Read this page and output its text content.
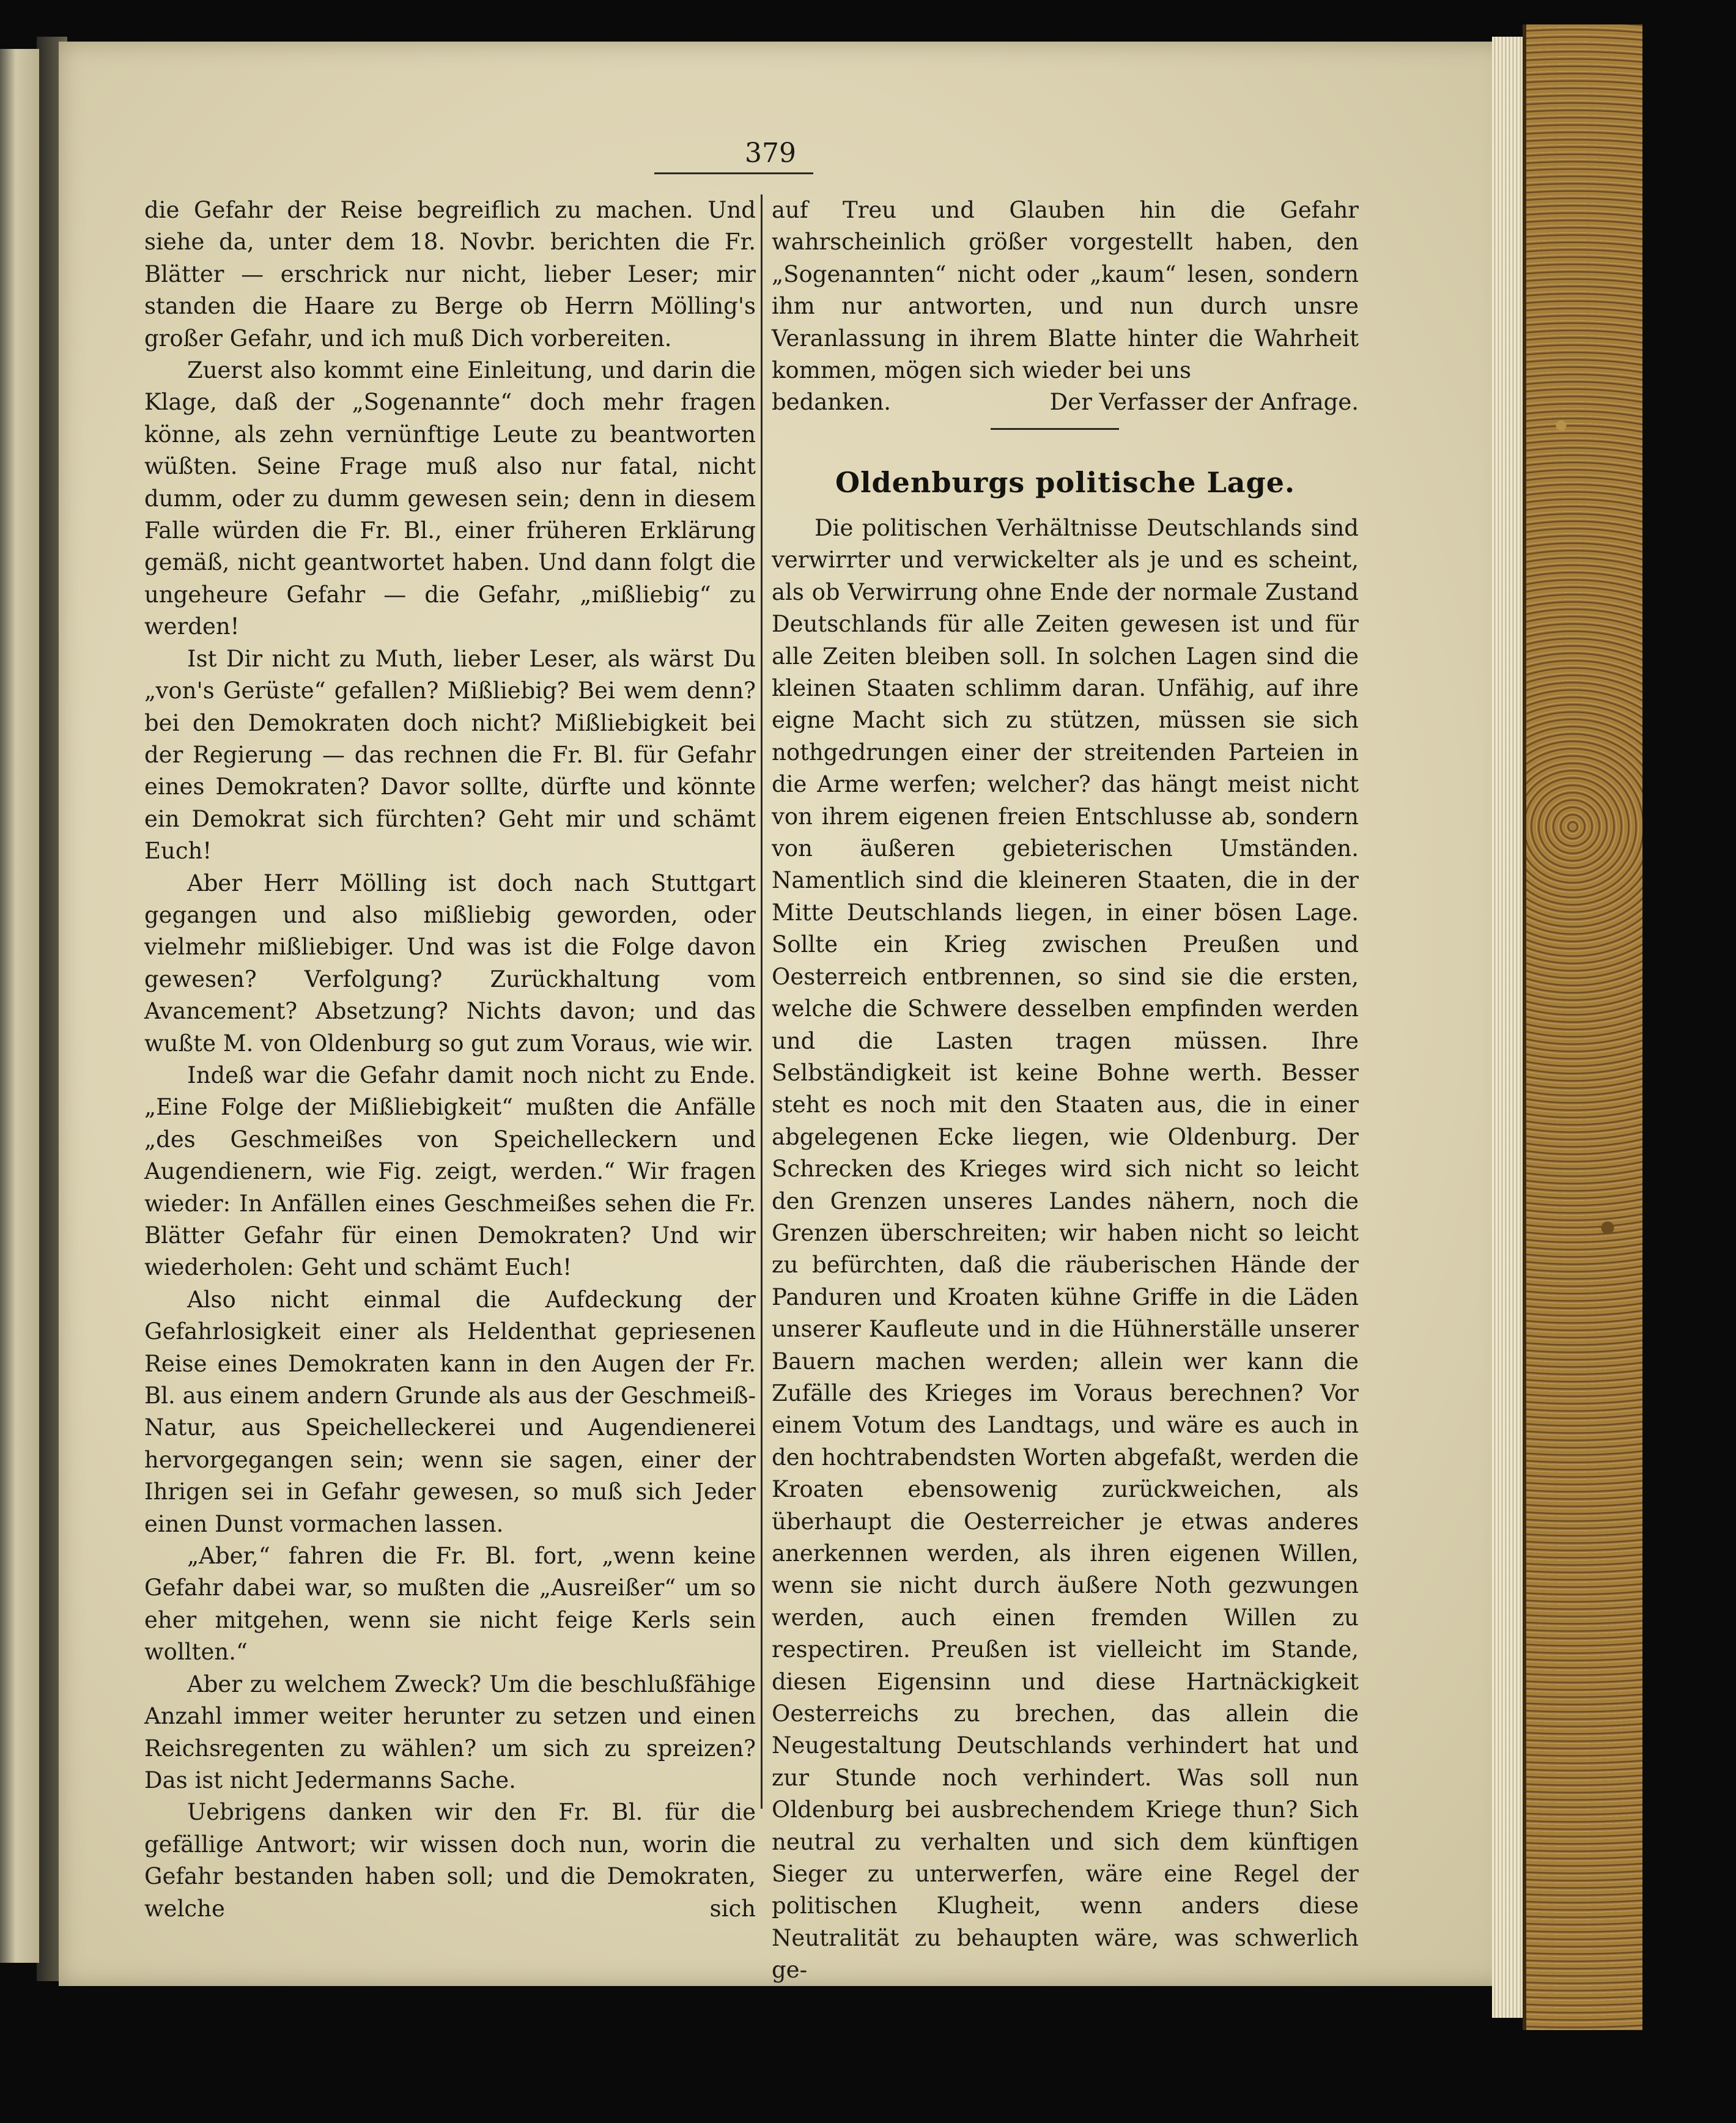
379

die Gefahr der Reise begreiflich zu machen. Und siehe da, unter dem 18. Novbr. berichten die Fr. Blätter — erschrick nur nicht, lieber Leser; mir standen die Haare zu Berge ob Herrn Mölling's großer Gefahr, und ich muß Dich vorbereiten.

Zuerst also kommt eine Einleitung, und darin die Klage, daß der „Sogenannte“ doch mehr fragen könne, als zehn vernünftige Leute zu beantworten wüßten. Seine Frage muß also nur fatal, nicht dumm, oder zu dumm gewesen sein; denn in diesem Falle würden die Fr. Bl., einer früheren Erklärung gemäß, nicht geantwortet haben. Und dann folgt die ungeheure Gefahr — die Gefahr, „mißliebig“ zu werden!

Ist Dir nicht zu Muth, lieber Leser, als wärst Du „von's Gerüste“ gefallen? Mißliebig? Bei wem denn? bei den Demokraten doch nicht? Mißliebigkeit bei der Regierung — das rechnen die Fr. Bl. für Gefahr eines Demokraten? Davor sollte, dürfte und könnte ein Demokrat sich fürchten? Geht mir und schämt Euch!

Aber Herr Mölling ist doch nach Stuttgart gegangen und also mißliebig geworden, oder vielmehr mißliebiger. Und was ist die Folge davon gewesen? Verfolgung? Zurückhaltung vom Avancement? Absetzung? Nichts davon; und das wußte M. von Oldenburg so gut zum Voraus, wie wir.

Indeß war die Gefahr damit noch nicht zu Ende. „Eine Folge der Mißliebigkeit“ mußten die Anfälle „des Geschmeißes von Speichelleckern und Augendienern, wie Fig. zeigt, werden.“ Wir fragen wieder: In Anfällen eines Geschmeißes sehen die Fr. Blätter Gefahr für einen Demokraten? Und wir wiederholen: Geht und schämt Euch!

Also nicht einmal die Aufdeckung der Gefahrlosigkeit einer als Heldenthat gepriesenen Reise eines Demokraten kann in den Augen der Fr. Bl. aus einem andern Grunde als aus der Geschmeiß-Natur, aus Speichelleckerei und Augendienerei hervorgegangen sein; wenn sie sagen, einer der Ihrigen sei in Gefahr gewesen, so muß sich Jeder einen Dunst vormachen lassen.

„Aber,“ fahren die Fr. Bl. fort, „wenn keine Gefahr dabei war, so mußten die „Ausreißer“ um so eher mitgehen, wenn sie nicht feige Kerls sein wollten.“

Aber zu welchem Zweck? Um die beschlußfähige Anzahl immer weiter herunter zu setzen und einen Reichsregenten zu wählen? um sich zu spreizen? Das ist nicht Jedermanns Sache.

Uebrigens danken wir den Fr. Bl. für die gefällige Antwort; wir wissen doch nun, worin die Gefahr bestanden haben soll; und die Demokraten, welche sich

auf Treu und Glauben hin die Gefahr wahrscheinlich größer vorgestellt haben, den „Sogenannten“ nicht oder „kaum“ lesen, sondern ihm nur antworten, und nun durch unsre Veranlassung in ihrem Blatte hinter die Wahrheit kommen, mögen sich wieder bei uns

bedanken.	Der Verfasser der Anfrage.

Oldenburgs politische Lage.

Die politischen Verhältnisse Deutschlands sind verwirrter und verwickelter als je und es scheint, als ob Verwirrung ohne Ende der normale Zustand Deutschlands für alle Zeiten gewesen ist und für alle Zeiten bleiben soll. In solchen Lagen sind die kleinen Staaten schlimm daran. Unfähig, auf ihre eigne Macht sich zu stützen, müssen sie sich nothgedrungen einer der streitenden Parteien in die Arme werfen; welcher? das hängt meist nicht von ihrem eigenen freien Entschlusse ab, sondern von äußeren gebieterischen Umständen. Namentlich sind die kleineren Staaten, die in der Mitte Deutschlands liegen, in einer bösen Lage. Sollte ein Krieg zwischen Preußen und Oesterreich entbrennen, so sind sie die ersten, welche die Schwere desselben empfinden werden und die Lasten tragen müssen. Ihre Selbständigkeit ist keine Bohne werth. Besser steht es noch mit den Staaten aus, die in einer abgelegenen Ecke liegen, wie Oldenburg. Der Schrecken des Krieges wird sich nicht so leicht den Grenzen unseres Landes nähern, noch die Grenzen überschreiten; wir haben nicht so leicht zu befürchten, daß die räuberischen Hände der Panduren und Kroaten kühne Griffe in die Läden unserer Kaufleute und in die Hühnerställe unserer Bauern machen werden; allein wer kann die Zufälle des Krieges im Voraus berechnen? Vor einem Votum des Landtags, und wäre es auch in den hochtrabendsten Worten abgefaßt, werden die Kroaten ebensowenig zurückweichen, als überhaupt die Oesterreicher je etwas anderes anerkennen werden, als ihren eigenen Willen, wenn sie nicht durch äußere Noth gezwungen werden, auch einen fremden Willen zu respectiren. Preußen ist vielleicht im Stande, diesen Eigensinn und diese Hartnäckigkeit Oesterreichs zu brechen, das allein die Neugestaltung Deutschlands verhindert hat und zur Stunde noch verhindert. Was soll nun Oldenburg bei ausbrechendem Kriege thun? Sich neutral zu verhalten und sich dem künftigen Sieger zu unterwerfen, wäre eine Regel der politischen Klugheit, wenn anders diese Neutralität zu behaupten wäre, was schwerlich ge-
